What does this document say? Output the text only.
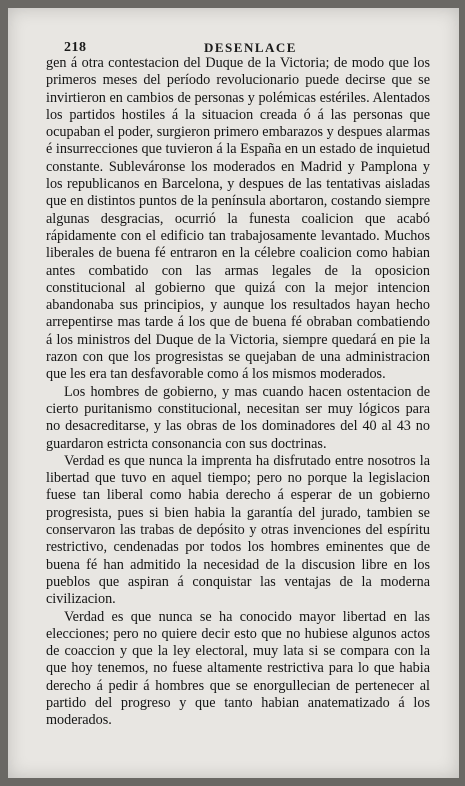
218	DESENLACE

gen á otra contestacion del Duque de la Victoria; de modo que los primeros meses del período revolucionario puede decirse que se invirtieron en cambios de personas y polémicas estériles. Alentados los partidos hostiles á la situacion creada ó á las personas que ocupaban el poder, surgieron primero embarazos y despues alarmas é insurrecciones que tuvieron á la España en un estado de inquietud constante. Subleváronse los moderados en Madrid y Pamplona y los republicanos en Barcelona, y despues de las tentativas aisladas que en distintos puntos de la península abortaron, costando siempre algunas desgracias, ocurrió la funesta coalicion que acabó rápidamente con el edificio tan trabajosamente levantado. Muchos liberales de buena fé entraron en la célebre coalicion como habian antes combatido con las armas legales de la oposicion constitucional al gobierno que quizá con la mejor intencion abandonaba sus principios, y aunque los resultados hayan hecho arrepentirse mas tarde á los que de buena fé obraban combatiendo á los ministros del Duque de la Victoria, siempre quedará en pie la razon con que los progresistas se quejaban de una administracion que les era tan desfavorable como á los mismos moderados.

Los hombres de gobierno, y mas cuando hacen ostentacion de cierto puritanismo constitucional, necesitan ser muy lógicos para no desacreditarse, y las obras de los dominadores del 40 al 43 no guardaron estricta consonancia con sus doctrinas.

Verdad es que nunca la imprenta ha disfrutado entre nosotros la libertad que tuvo en aquel tiempo; pero no porque la legislacion fuese tan liberal como habia derecho á esperar de un gobierno progresista, pues si bien habia la garantía del jurado, tambien se conservaron las trabas de depósito y otras invenciones del espíritu restrictivo, cendenadas por todos los hombres eminentes que de buena fé han admitido la necesidad de la discusion libre en los pueblos que aspiran á conquistar las ventajas de la moderna civilizacion.

Verdad es que nunca se ha conocido mayor libertad en las elecciones; pero no quiere decir esto que no hubiese algunos actos de coaccion y que la ley electoral, muy lata si se compara con la que hoy tenemos, no fuese altamente restrictiva para lo que habia derecho á pedir á hombres que se enorgullecian de pertenecer al partido del progreso y que tanto habian anatematizado á los moderados.
